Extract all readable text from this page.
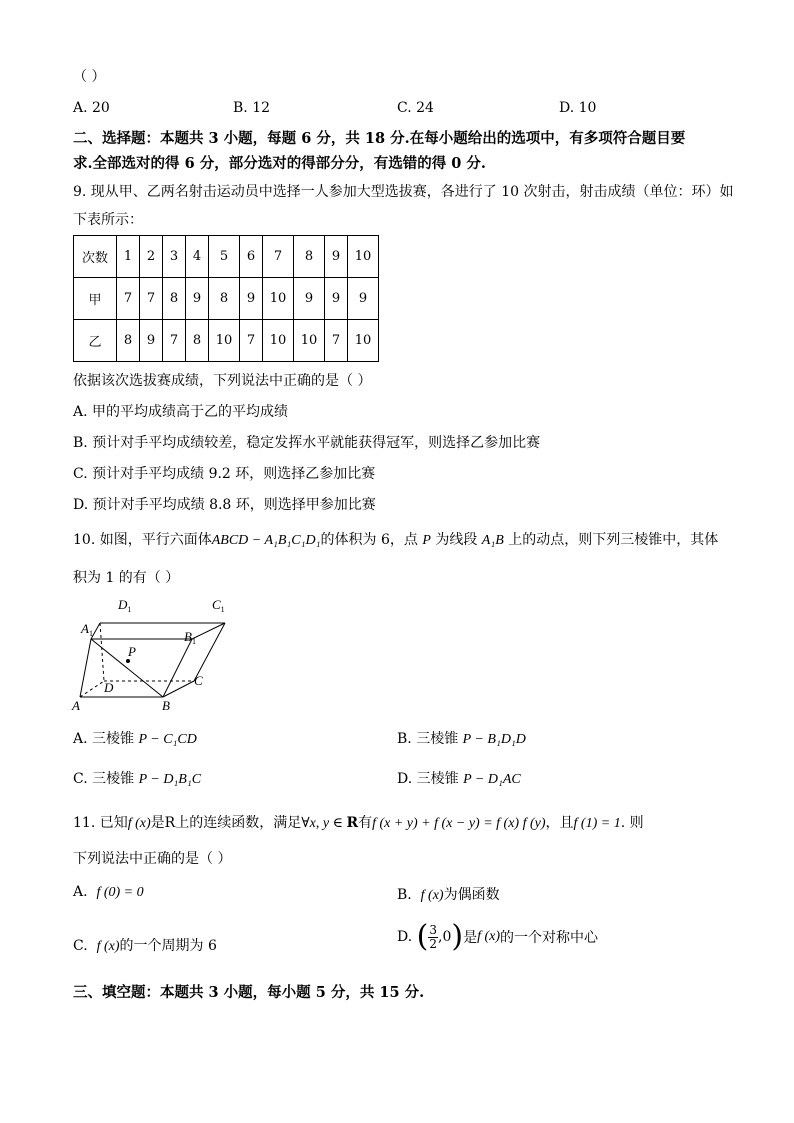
（ ）
A. 20	B. 12	C. 24	D. 10
二、选择题：本题共 3 小题，每题 6 分，共 18 分.在每小题给出的选项中，有多项符合题目要
求.全部选对的得 6 分，部分选对的得部分分，有选错的得 0 分.
9. 现从甲、乙两名射击运动员中选择一人参加大型选拔赛，各进行了 10 次射击，射击成绩（单位：环）如
下表所示：
次数	1	2	3	4	5	6	7	8	9	10
甲	7	7	8	9	8	9	10	9	9	9
乙	8	9	7	8	10	7	10	10	7	10
依据该次选拔赛成绩，下列说法中正确的是（ ）
A. 甲的平均成绩高于乙的平均成绩
B. 预计对手平均成绩较差，稳定发挥水平就能获得冠军，则选择乙参加比赛
C. 预计对手平均成绩 9.2 环，则选择乙参加比赛
D. 预计对手平均成绩 8.8 环，则选择甲参加比赛
10. 如图，平行六面体ABCD − A₁B₁C₁D₁的体积为 6，点 P 为线段 A₁B 上的动点，则下列三棱锥中，其体
积为 1 的有（ ）
$D_1$	$C_1$
$A_1$	$B_1$
P
C
D
A	B
A. 三棱锥 P − C₁CD	B. 三棱锥 P − B₁D₁D
C. 三棱锥 P − D₁B₁C	D. 三棱锥 P − D₁AC
11. 已知f (x)是R上的连续函数，满足∀x, y ∈ R有f (x + y) + f (x − y) = f (x) f (y)，且f (1) = 1. 则
下列说法中正确的是（ ）
A. f (0) = 0	B. f (x)为偶函数
C. f (x)的一个周期为 6
D. ( $\frac{3}{2} ,0$)是f (x)的一个对称中心
三、填空题：本题共 3 小题，每小题 5 分，共 15 分.
